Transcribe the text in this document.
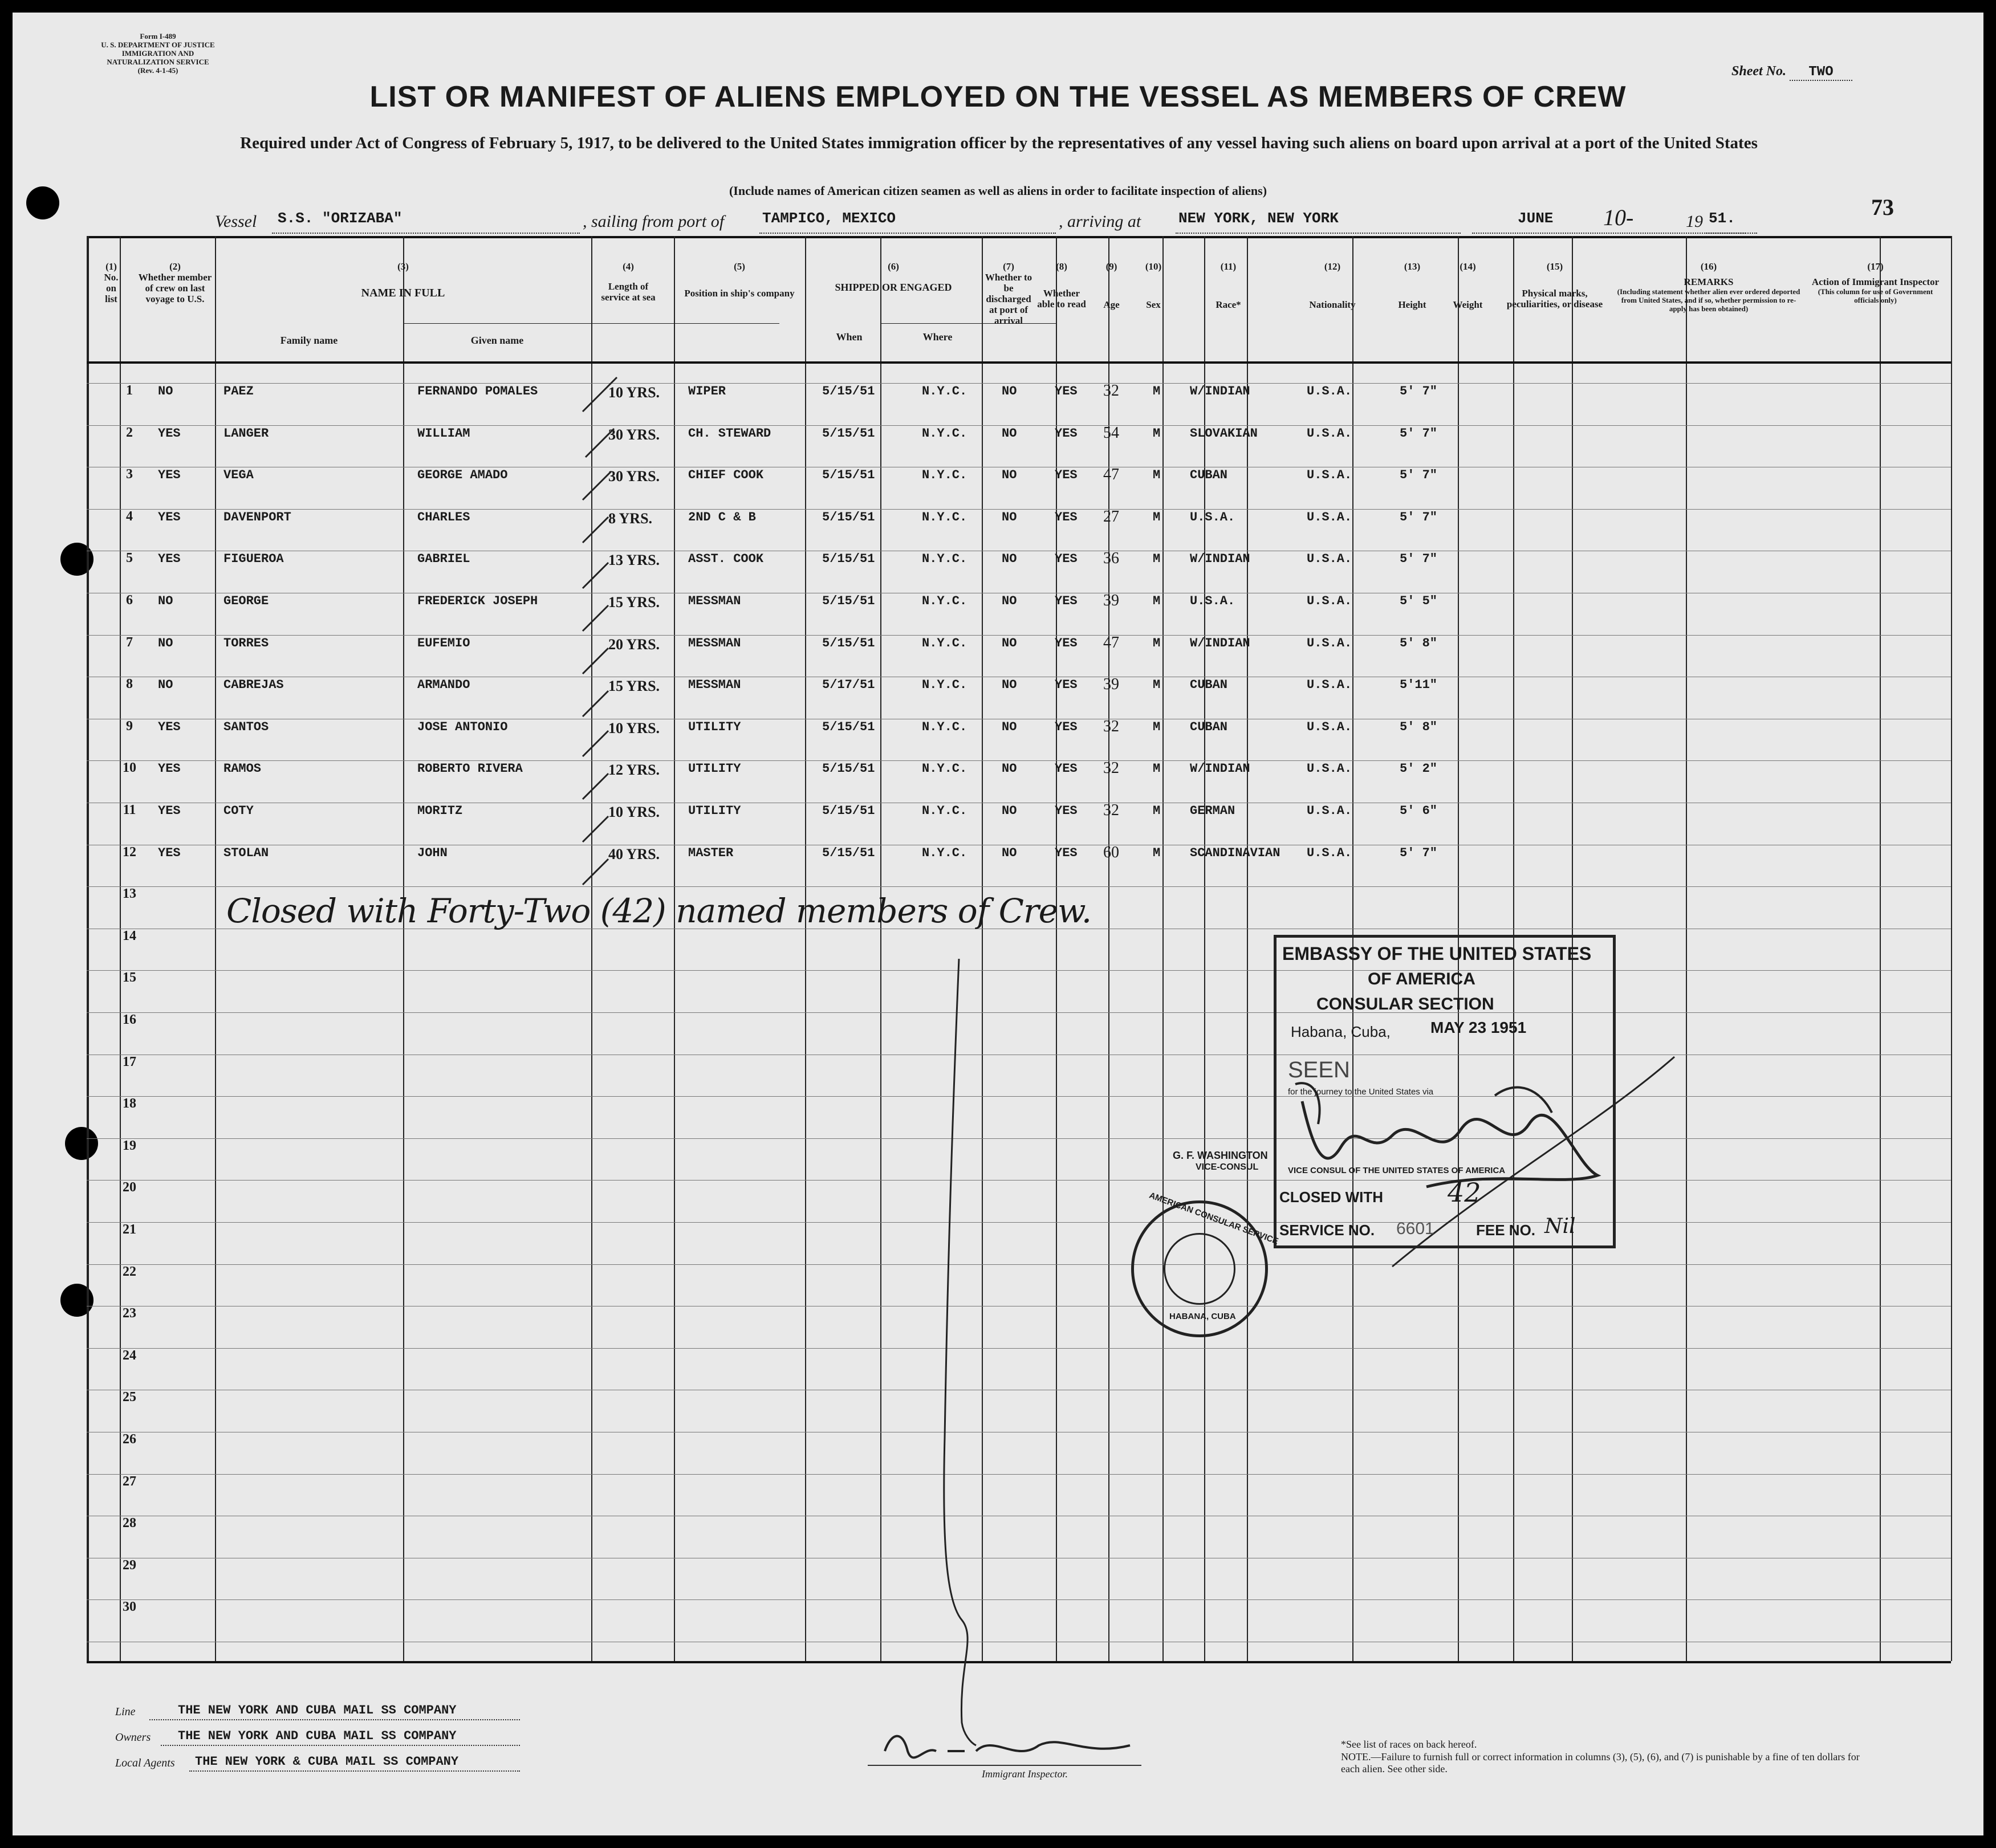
Form I-489
U. S. DEPARTMENT OF JUSTICE
IMMIGRATION AND NATURALIZATION SERVICE
(Rev. 4-1-45)	Sheet No. TWO
LIST OR MANIFEST OF ALIENS EMPLOYED ON THE VESSEL AS MEMBERS OF CREW
Required under Act of Congress of February 5, 1917, to be delivered to the United States immigration officer by the representatives of any vessel having such aliens on board upon arrival at a port of the United States
(Include names of American citizen seamen as well as aliens in order to facilitate inspection of aliens)
73
Vessel S.S. "ORIZABA"	, sailing from port of	TAMPICO, MEXICO	, arriving at	NEW YORK, NEW YORK	JUNE 10-	19 51.
(1)
No. on list
(2)
Whether member of crew on last voyage to U.S.
(3)
NAME IN FULL
Family name	Given name
(4)
Length of service at sea
(5)
Position in ship's company
(6)
SHIPPED OR ENGAGED
When	Where
(7)
Whether to be discharged at port of arrival
(8)
Whether able to read
(9)
Age
(10)
Sex
(11)
Race*
(12)
Nationality
(13)
Height
(14)
Weight
(15)
Physical marks, peculiarities, or disease
(16)
REMARKS
(Including statement whether alien ever ordered deported from United States, and if so, whether permission to re-apply has been obtained)
(17)
Action of Immigrant Inspector
(This column for use of Government officials only)
1	NO	PAEZ	FERNANDO POMALES	10 YRS. WIPER	5/15/51	N.Y.C.	NO	YES 32	M W/INDIAN	U.S.A.	5' 7"
2	YES	LANGER	WILLIAM	30 YRS. CH. STEWARD	5/15/51	N.Y.C.	NO	YES 54	M SLOVAKIAN	U.S.A.	5' 7"
3	YES	VEGA	GEORGE AMADO	30 YRS. CHIEF COOK	5/15/51	N.Y.C.	NO	YES 47	M CUBAN	U.S.A.	5' 7"
4	YES	DAVENPORT	CHARLES	8 YRS.	2ND C & B	5/15/51	N.Y.C.	NO	YES 27	M U.S.A.	U.S.A.	5' 7"
5	YES	FIGUEROA	GABRIEL	13 YRS. ASST. COOK	5/15/51	N.Y.C.	NO	YES 36	M W/INDIAN	U.S.A.	5' 7"
6	NO	GEORGE	FREDERICK JOSEPH	15 YRS. MESSMAN	5/15/51	N.Y.C.	NO	YES 39	M U.S.A.	U.S.A.	5' 5"
7	NO	TORRES	EUFEMIO	20 YRS. MESSMAN	5/15/51	N.Y.C.	NO	YES 47	M W/INDIAN	U.S.A.	5' 8"
8	NO	CABREJAS	ARMANDO	15 YRS. MESSMAN	5/17/51	N.Y.C.	NO	YES 39	M CUBAN	U.S.A.	5'11"
9	YES	SANTOS	JOSE ANTONIO	10 YRS. UTILITY	5/15/51	N.Y.C.	NO	YES 32	M CUBAN	U.S.A.	5' 8"
10	YES	RAMOS	ROBERTO RIVERA	12 YRS. UTILITY	5/15/51	N.Y.C.	NO	YES 32	M W/INDIAN	U.S.A.	5' 2"
11	YES	COTY	MORITZ	10 YRS. UTILITY	5/15/51	N.Y.C.	NO	YES 32	M GERMAN	U.S.A.	5' 6"
12	YES	STOLAN	JOHN	40 YRS. MASTER	5/15/51	N.Y.C.	NO	YES 60	M SCANDINAVIAN U.S.A.	5' 7"
13
14
15
16
17
18
19
20
21
22
23
24
25
26
27
28
29
30
Closed with Forty-Two (42) named members of Crew.
EMBASSY OF THE UNITED STATES
OF AMERICA
CONSULAR SECTION
Habana, Cuba,	MAY 23 1951
SEEN
for the journey to the United States via
VICE CONSUL OF THE UNITED STATES OF AMERICA
CLOSED WITH 42
SERVICE NO. 6601	FEE NO. Nil
G. F. WASHINGTON
VICE-CONSUL
AMERICAN CONSULAR SERVICE
HABANA, CUBA
Line	THE NEW YORK AND CUBA MAIL SS COMPANY
Owners THE NEW YORK AND CUBA MAIL SS COMPANY
Local Agents THE NEW YORK & CUBA MAIL SS COMPANY
Immigrant Inspector.
*See list of races on back hereof.
NOTE.—Failure to furnish full or correct information in columns (3), (5), (6), and (7) is punishable by a fine of ten dollars for each alien. See other side.
